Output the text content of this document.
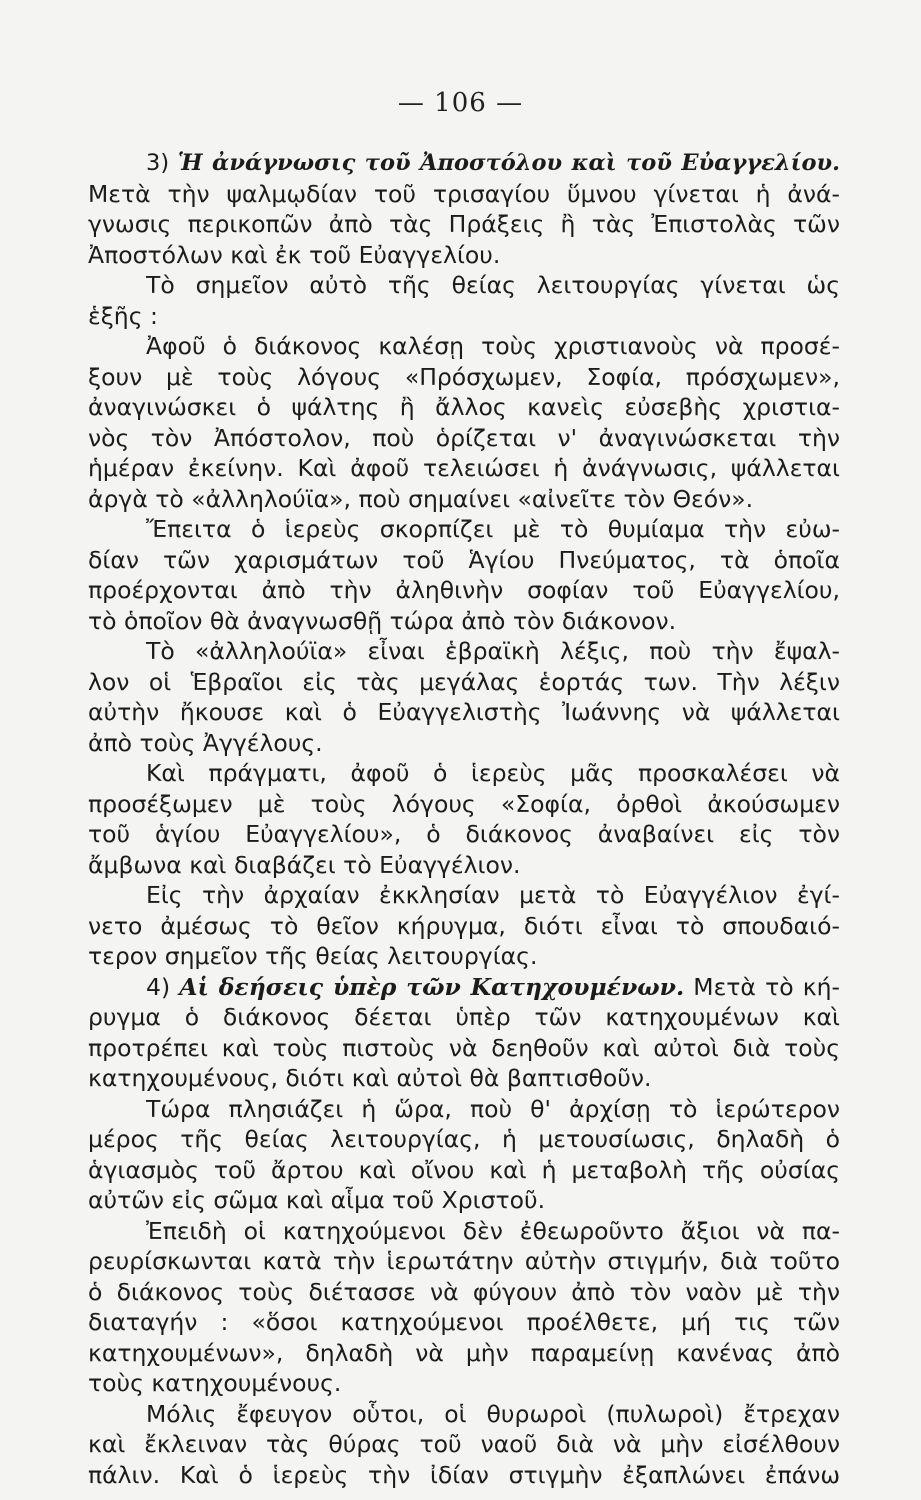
— 106 —
3) Ἡ ἀνάγνωσις τοῦ Ἀποστόλου καὶ τοῦ Εὐαγγελίου.
Μετὰ τὴν ψαλμῳδίαν τοῦ τρισαγίου ὕμνου γίνεται ἡ ἀνά-
γνωσις περικοπῶν ἀπὸ τὰς Πράξεις ἢ τὰς Ἐπιστολὰς τῶν
Ἀποστόλων καὶ ἐκ τοῦ Εὐαγγελίου.
Τὸ σημεῖον αὐτὸ τῆς θείας λειτουργίας γίνεται ὡς
ἑξῆς :
Ἀφοῦ ὁ διάκονος καλέσῃ τοὺς χριστιανοὺς νὰ προσέ-
ξουν μὲ τοὺς λόγους «Πρόσχωμεν, Σοφία, πρόσχωμεν»,
ἀναγινώσκει ὁ ψάλτης ἢ ἄλλος κανεὶς εὐσεβὴς χριστια-
νὸς τὸν Ἀπόστολον, ποὺ ὁρίζεται ν' ἀναγινώσκεται τὴν
ἡμέραν ἐκείνην. Καὶ ἀφοῦ τελειώσει ἡ ἀνάγνωσις, ψάλλεται
ἀργὰ τὸ «ἀλληλούϊα», ποὺ σημαίνει «αἰνεῖτε τὸν Θεόν».
Ἔπειτα ὁ ἱερεὺς σκορπίζει μὲ τὸ θυμίαμα τὴν εὐω-
δίαν τῶν χαρισμάτων τοῦ Ἁγίου Πνεύματος, τὰ ὁποῖα
προέρχονται ἀπὸ τὴν ἀληθινὴν σοφίαν τοῦ Εὐαγγελίου,
τὸ ὁποῖον θὰ ἀναγνωσθῇ τώρα ἀπὸ τὸν διάκονον.
Τὸ «ἀλληλούϊα» εἶναι ἑβραϊκὴ λέξις, ποὺ τὴν ἔψαλ-
λον οἱ Ἑβραῖοι εἰς τὰς μεγάλας ἑορτάς των. Τὴν λέξιν
αὐτὴν ἤκουσε καὶ ὁ Εὐαγγελιστὴς Ἰωάννης νὰ ψάλλεται
ἀπὸ τοὺς Ἀγγέλους.
Καὶ πράγματι, ἀφοῦ ὁ ἱερεὺς μᾶς προσκαλέσει νὰ
προσέξωμεν μὲ τοὺς λόγους «Σοφία, ὀρθοὶ ἀκούσωμεν
τοῦ ἁγίου Εὐαγγελίου», ὁ διάκονος ἀναβαίνει εἰς τὸν
ἄμβωνα καὶ διαβάζει τὸ Εὐαγγέλιον.
Εἰς τὴν ἀρχαίαν ἐκκλησίαν μετὰ τὸ Εὐαγγέλιον ἐγί-
νετο ἀμέσως τὸ θεῖον κήρυγμα, διότι εἶναι τὸ σπουδαιό-
τερον σημεῖον τῆς θείας λειτουργίας.
4) Αἱ δεήσεις ὑπὲρ τῶν Κατηχουμένων. Μετὰ τὸ κή-
ρυγμα ὁ διάκονος δέεται ὑπὲρ τῶν κατηχουμένων καὶ
προτρέπει καὶ τοὺς πιστοὺς νὰ δεηθοῦν καὶ αὐτοὶ διὰ τοὺς
κατηχουμένους, διότι καὶ αὐτοὶ θὰ βαπτισθοῦν.
Τώρα πλησιάζει ἡ ὥρα, ποὺ θ' ἀρχίσῃ τὸ ἱερώτερον
μέρος τῆς θείας λειτουργίας, ἡ μετουσίωσις, δηλαδὴ ὁ
ἁγιασμὸς τοῦ ἄρτου καὶ οἴνου καὶ ἡ μεταβολὴ τῆς οὐσίας
αὐτῶν εἰς σῶμα καὶ αἷμα τοῦ Χριστοῦ.
Ἐπειδὴ οἱ κατηχούμενοι δὲν ἐθεωροῦντο ἄξιοι νὰ πα-
ρευρίσκωνται κατὰ τὴν ἱερωτάτην αὐτὴν στιγμήν, διὰ τοῦτο
ὁ διάκονος τοὺς διέτασσε νὰ φύγουν ἀπὸ τὸν ναὸν μὲ τὴν
διαταγήν : «ὅσοι κατηχούμενοι προέλθετε, μή τις τῶν
κατηχουμένων», δηλαδὴ νὰ μὴν παραμείνῃ κανένας ἀπὸ
τοὺς κατηχουμένους.
Μόλις ἔφευγον οὗτοι, οἱ θυρωροὶ (πυλωροὶ) ἔτρεχαν
καὶ ἔκλειναν τὰς θύρας τοῦ ναοῦ διὰ νὰ μὴν εἰσέλθουν
πάλιν. Καὶ ὁ ἱερεὺς τὴν ἰδίαν στιγμὴν ἐξαπλώνει ἐπάνω
